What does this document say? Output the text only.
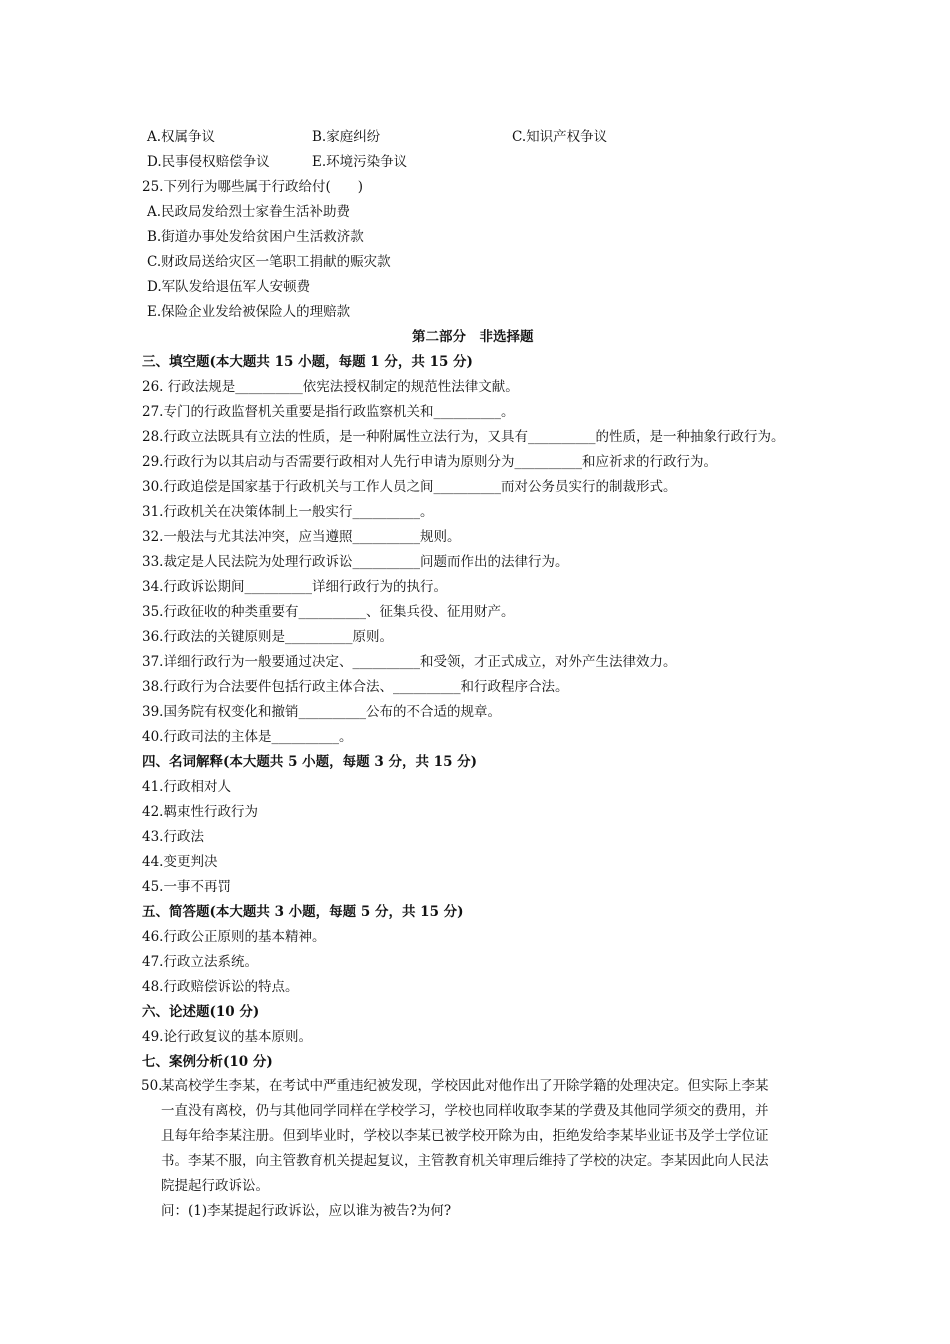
A.权属争议	B.家庭纠纷	C.知识产权争议
D.民事侵权赔偿争议	E.环境污染争议
25.下列行为哪些属于行政给付(　　)
A.民政局发给烈士家眷生活补助费
B.街道办事处发给贫困户生活救济款
C.财政局送给灾区一笔职工捐献的赈灾款
D.军队发给退伍军人安顿费
E.保险企业发给被保险人的理赔款
第二部分　非选择题
三、填空题(本大题共 15 小题，每题 1 分，共 15 分)
26. 行政法规是__________依宪法授权制定的规范性法律文献。
27.专门的行政监督机关重要是指行政监察机关和__________。
28.行政立法既具有立法的性质，是一种附属性立法行为，又具有__________的性质，是一种抽象行政行为。
29.行政行为以其启动与否需要行政相对人先行申请为原则分为__________和应祈求的行政行为。
30.行政追偿是国家基于行政机关与工作人员之间__________而对公务员实行的制裁形式。
31.行政机关在决策体制上一般实行__________。
32.一般法与尤其法冲突，应当遵照__________规则。
33.裁定是人民法院为处理行政诉讼__________问题而作出的法律行为。
34.行政诉讼期间__________详细行政行为的执行。
35.行政征收的种类重要有__________、征集兵役、征用财产。
36.行政法的关键原则是__________原则。
37.详细行政行为一般要通过决定、__________和受领，才正式成立，对外产生法律效力。
38.行政行为合法要件包括行政主体合法、__________和行政程序合法。
39.国务院有权变化和撤销__________公布的不合适的规章。
40.行政司法的主体是__________。
四、名词解释(本大题共 5 小题，每题 3 分，共 15 分)
41.行政相对人
42.羁束性行政行为
43.行政法
44.变更判决
45.一事不再罚
五、简答题(本大题共 3 小题，每题 5 分，共 15 分)
46.行政公正原则的基本精神。
47.行政立法系统。
48.行政赔偿诉讼的特点。
六、论述题(10 分)
49.论行政复议的基本原则。
七、案例分析(10 分)
50.
某高校学生李某，在考试中严重违纪被发现，学校因此对他作出了开除学籍的处理决定。但实际上李某
一直没有离校，仍与其他同学同样在学校学习，学校也同样收取李某的学费及其他同学须交的费用，并
且每年给李某注册。但到毕业时，学校以李某已被学校开除为由，拒绝发给李某毕业证书及学士学位证
书。李某不服，向主管教育机关提起复议，主管教育机关审理后维持了学校的决定。李某因此向人民法
院提起行政诉讼。
问：(1)李某提起行政诉讼，应以谁为被告?为何?
